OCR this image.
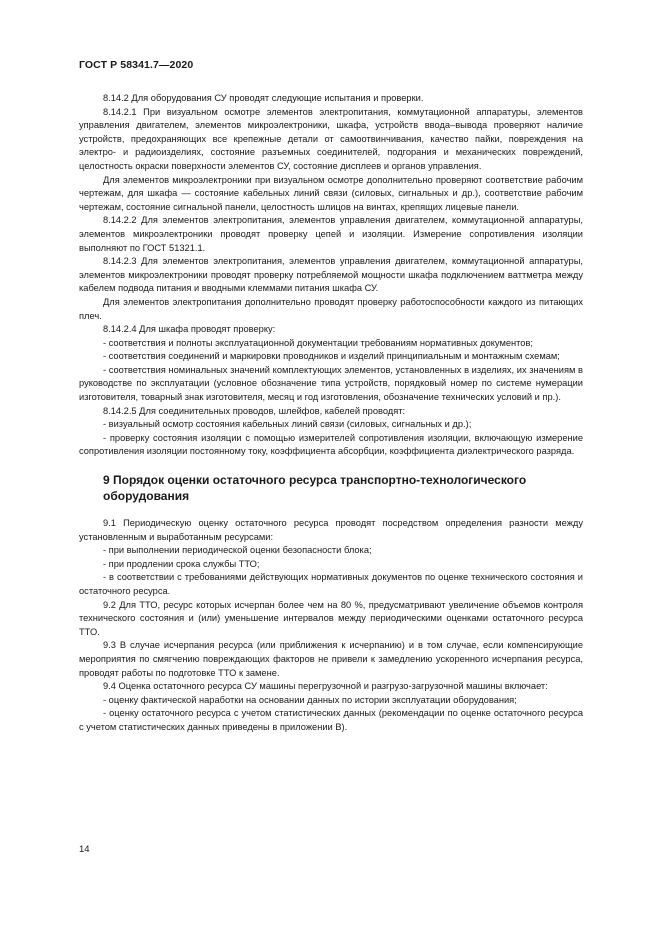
ГОСТ Р 58341.7—2020

8.14.2 Для оборудования СУ проводят следующие испытания и проверки.

8.14.2.1 При визуальном осмотре элементов электропитания, коммутационной аппаратуры, элементов управления двигателем, элементов микроэлектроники, шкафа, устройств ввода–вывода проверяют наличие устройств, предохраняющих все крепежные детали от самоотвинчивания, качество пайки, повреждения на электро- и радиоизделиях, состояние разъемных соединителей, подгорания и механических повреждений, целостность окраски поверхности элементов СУ, состояние дисплеев и органов управления.

Для элементов микроэлектроники при визуальном осмотре дополнительно проверяют соответствие рабочим чертежам, для шкафа — состояние кабельных линий связи (силовых, сигнальных и др.), соответствие рабочим чертежам, состояние сигнальной панели, целостность шлицов на винтах, крепящих лицевые панели.

8.14.2.2 Для элементов электропитания, элементов управления двигателем, коммутационной аппаратуры, элементов микроэлектроники проводят проверку цепей и изоляции. Измерение сопротивления изоляции выполняют по ГОСТ 51321.1.

8.14.2.3 Для элементов электропитания, элементов управления двигателем, коммутационной аппаратуры, элементов микроэлектроники проводят проверку потребляемой мощности шкафа подключением ваттметра между кабелем подвода питания и вводными клеммами питания шкафа СУ.

Для элементов электропитания дополнительно проводят проверку работоспособности каждого из питающих плеч.

8.14.2.4 Для шкафа проводят проверку:

- соответствия и полноты эксплуатационной документации требованиям нормативных документов;

- соответствия соединений и маркировки проводников и изделий принципиальным и монтажным схемам;

- соответствия номинальных значений комплектующих элементов, установленных в изделиях, их значениям в руководстве по эксплуатации (условное обозначение типа устройств, порядковый номер по системе нумерации изготовителя, товарный знак изготовителя, месяц и год изготовления, обозначение технических условий и пр.).

8.14.2.5 Для соединительных проводов, шлейфов, кабелей проводят:

- визуальный осмотр состояния кабельных линий связи (силовых, сигнальных и др.);

- проверку состояния изоляции с помощью измерителей сопротивления изоляции, включающую измерение сопротивления изоляции постоянному току, коэффициента абсорбции, коэффициента диэлектрического разряда.

9 Порядок оценки остаточного ресурса транспортно-технологического оборудования

9.1 Периодическую оценку остаточного ресурса проводят посредством определения разности между установленным и выработанным ресурсами:

- при выполнении периодической оценки безопасности блока;

- при продлении срока службы ТТО;

- в соответствии с требованиями действующих нормативных документов по оценке технического состояния и остаточного ресурса.

9.2 Для ТТО, ресурс которых исчерпан более чем на 80 %, предусматривают увеличение объемов контроля технического состояния и (или) уменьшение интервалов между периодическими оценками остаточного ресурса ТТО.

9.3 В случае исчерпания ресурса (или приближения к исчерпанию) и в том случае, если компенсирующие мероприятия по смягчению повреждающих факторов не привели к замедлению ускоренного исчерпания ресурса, проводят работы по подготовке ТТО к замене.

9.4 Оценка остаточного ресурса СУ машины перегрузочной и разгрузо-загрузочной машины включает:

- оценку фактической наработки на основании данных по истории эксплуатации оборудования;

- оценку остаточного ресурса с учетом статистических данных (рекомендации по оценке остаточного ресурса с учетом статистических данных приведены в приложении В).

14
